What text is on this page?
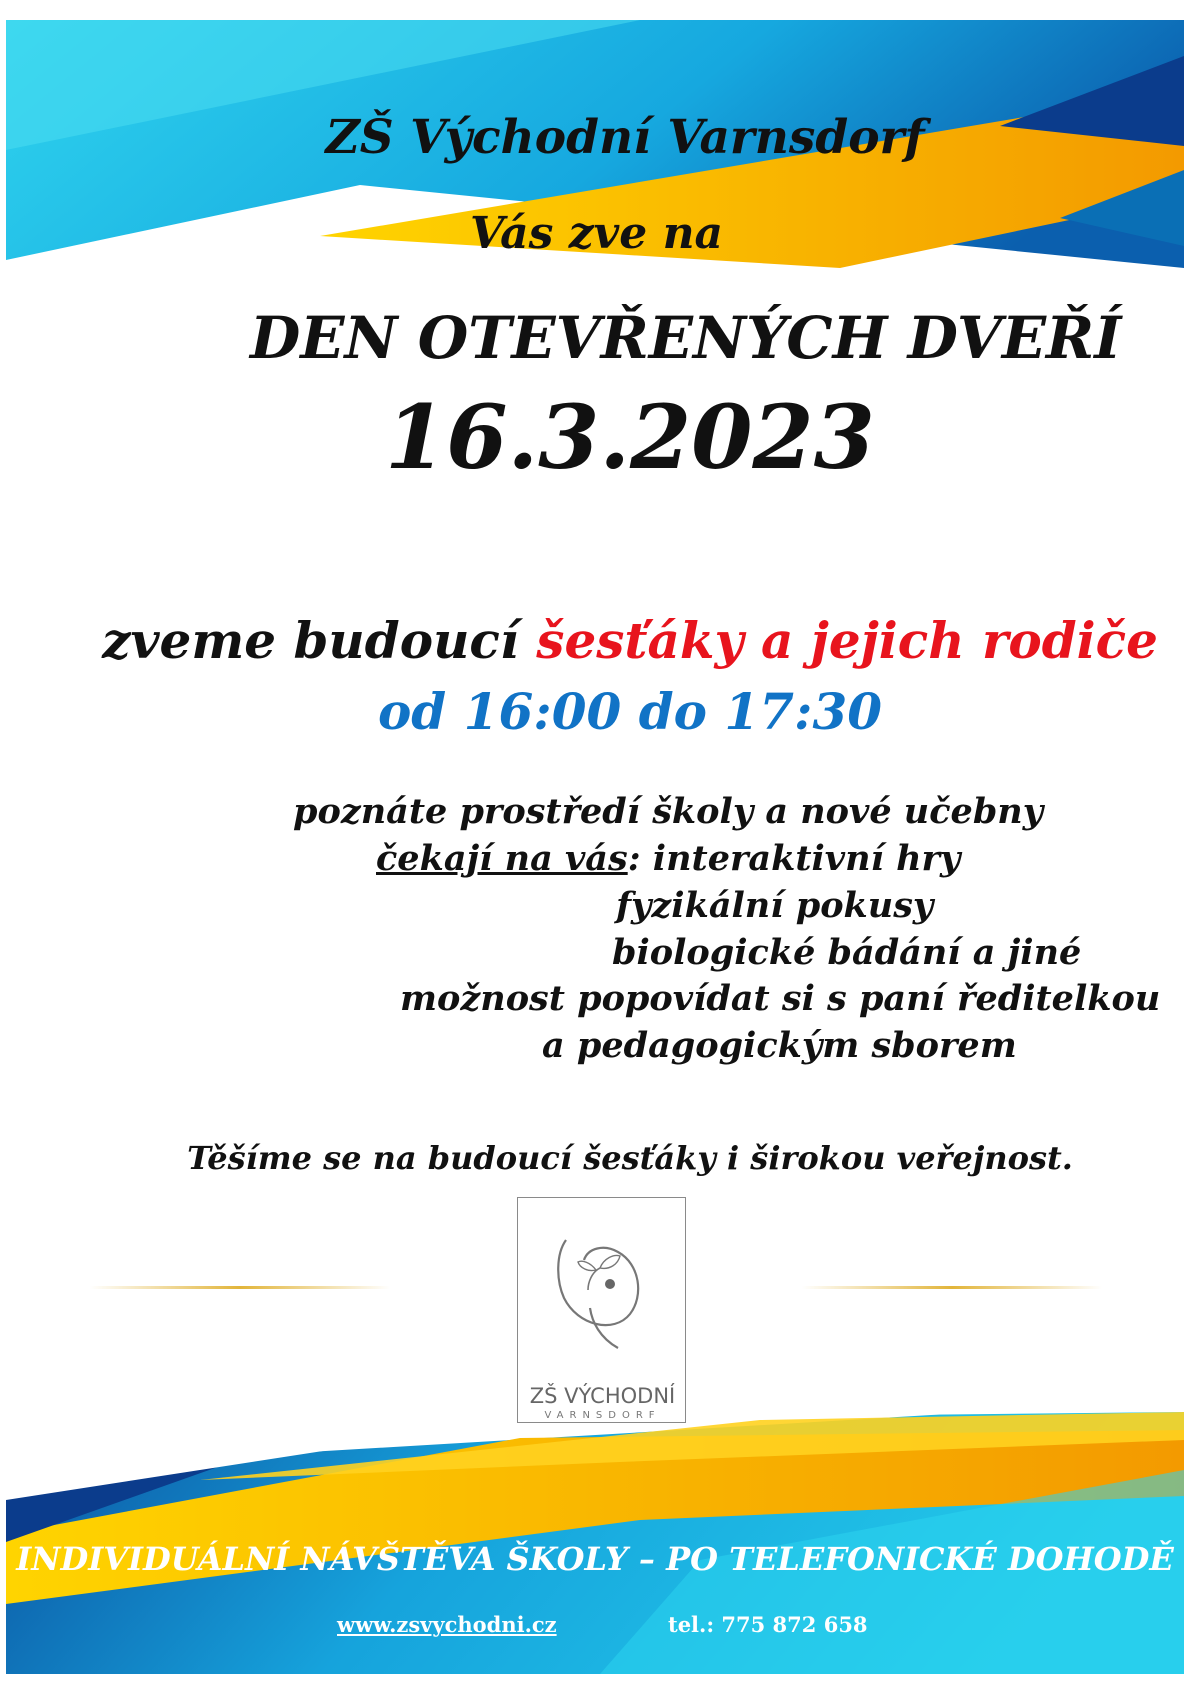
ZŠ Východní Varnsdorf
Vás zve na
DEN OTEVŘENÝCH DVEŘÍ
16.3.2023
zveme budoucí šesťáky a jejich rodiče
od 16:00 do 17:30
poznáte prostředí školy a nové učebny
čekají na vás: interaktivní hry
fyzikální pokusy
biologické bádání a jiné
možnost popovídat si s paní ředitelkou
a pedagogickým sborem
Těšíme se na budoucí šesťáky i širokou veřejnost.
ZŠ VÝCHODNÍ
VARNSDORF
INDIVIDUÁLNÍ NÁVŠTĚVA ŠKOLY – PO TELEFONICKÉ DOHODĚ
www.zsvychodni.cz	tel.: 775 872 658
